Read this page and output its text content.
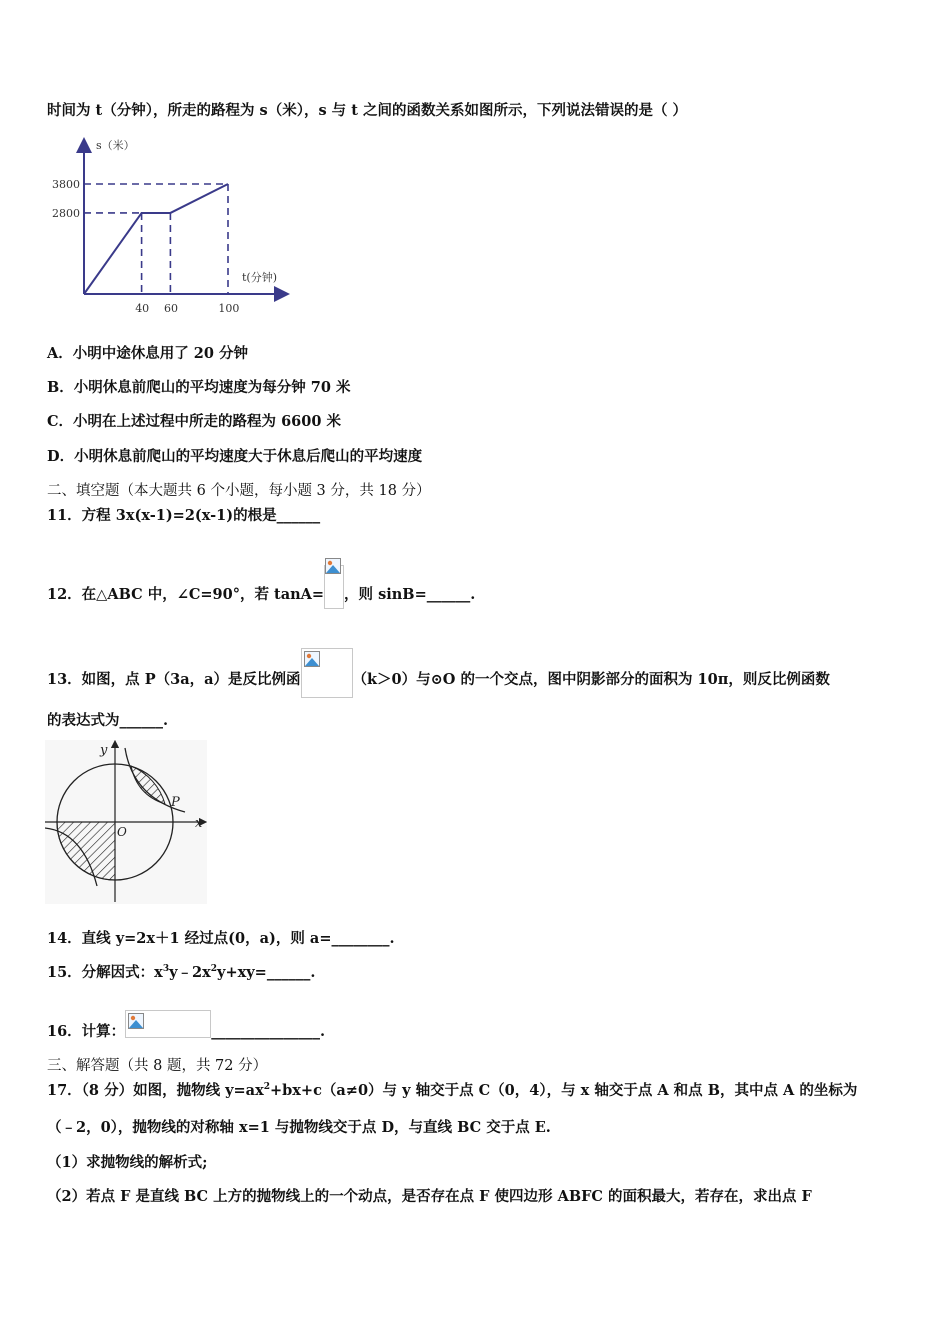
时间为 t（分钟），所走的路程为 s（米），s 与 t 之间的函数关系如图所示，下列说法错误的是（ ）
s（米）
t(分钟)
40 60	100
2800
3800
A．小明中途休息用了 20 分钟
B．小明休息前爬山的平均速度为每分钟 70 米
C．小明在上述过程中所走的路程为 6600 米
D．小明休息前爬山的平均速度大于休息后爬山的平均速度
二、填空题（本大题共 6 个小题，每小题 3 分，共 18 分）
11．方程 3x(x-1)=2(x-1)的根是______
12．在△ABC 中，∠C=90°，若 tanA= ，则 sinB=______.
13．如图，点 P（3a，a）是反比例函	（k＞0）与⊙O 的一个交点，图中阴影部分的面积为 10π，则反比例函数
的表达式为______.
y
x
O
P
14．直线 y=2x＋1 经过点(0，a)，则 a=________.
15．分解因式：$x^3y﹣2x^2y+xy=\_\_\_\_\_\_$.
16．计算：	_______________.
三、解答题（共 8 题，共 72 分）
17．（8 分）如图，抛物线 $y=ax^2+bx+c(a\ne 0)$与 y 轴交于点 C（0，4），与 x 轴交于点 A 和点 B，其中点 A 的坐标为
（﹣2，0），抛物线的对称轴 x=1 与抛物线交于点 D，与直线 BC 交于点 E.
（1）求抛物线的解析式;
（2）若点 F 是直线 BC 上方的抛物线上的一个动点，是否存在点 F 使四边形 ABFC 的面积最大，若存在，求出点 F
